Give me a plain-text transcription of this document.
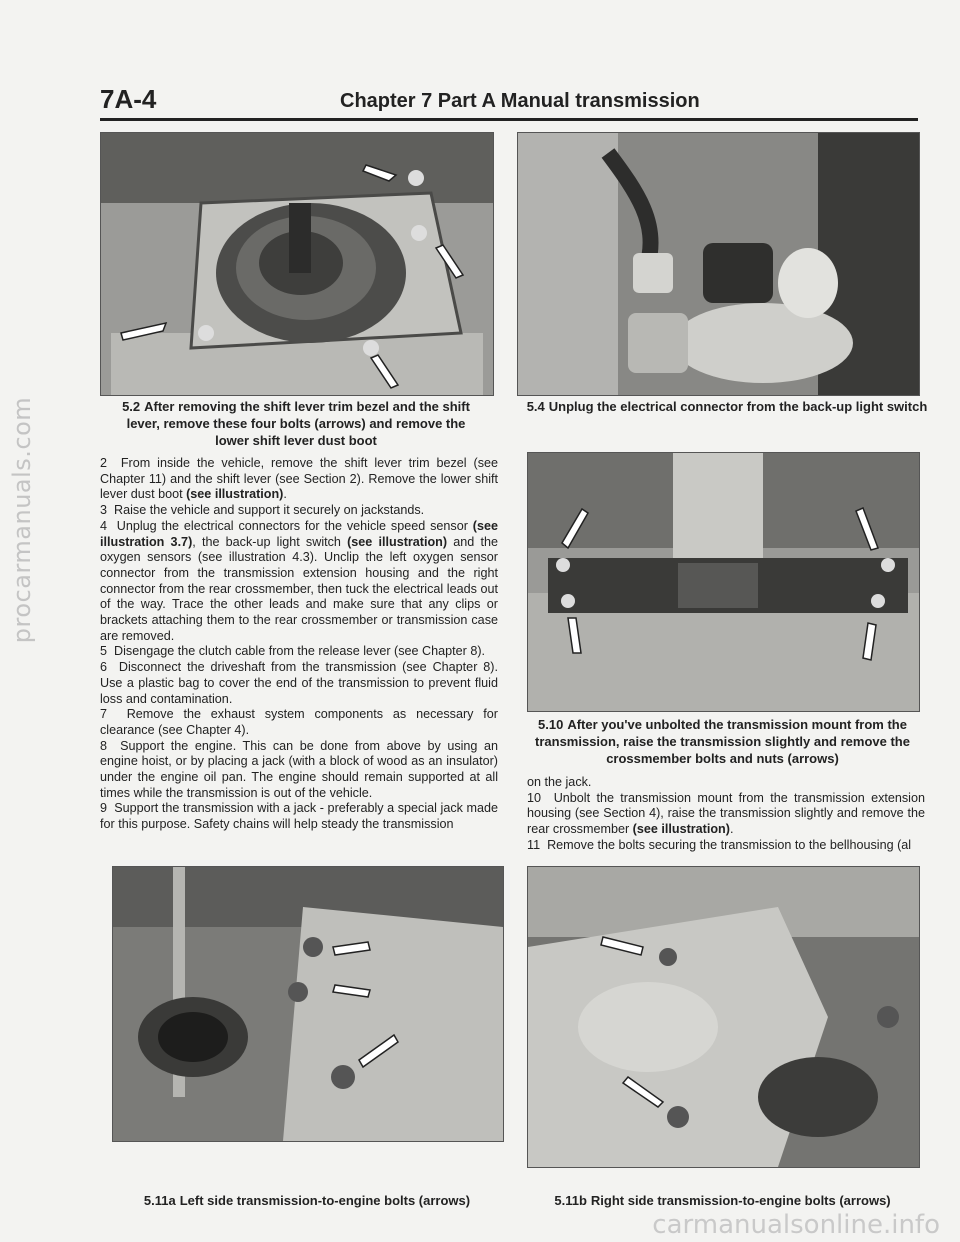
procarmanuals.com
carmanualsonline.info
7A-4	Chapter 7 Part A Manual transmission
5.2 After removing the shift lever trim bezel and the shift lever, remove these four bolts (arrows) and remove the lower shift lever dust boot
5.4 Unplug the electrical connector from the back-up light switch

2 From inside the vehicle, remove the shift lever trim bezel (see Chapter 11) and the shift lever (see Section 2). Remove the lower shift lever dust boot (see illustration).

3 Raise the vehicle and support it securely on jackstands.

4 Unplug the electrical connectors for the vehicle speed sensor (see illustration 3.7), the back-up light switch (see illustration) and the oxygen sensors (see illustration 4.3). Unclip the left oxygen sensor connector from the transmission extension housing and the right connector from the rear crossmember, then tuck the electrical leads out of the way. Trace the other leads and make sure that any clips or brackets attaching them to the rear crossmember or transmission case are removed.

5 Disengage the clutch cable from the release lever (see Chapter 8).

6 Disconnect the driveshaft from the transmission (see Chapter 8). Use a plastic bag to cover the end of the transmission to prevent fluid loss and contamination.

7 Remove the exhaust system components as necessary for clearance (see Chapter 4).

8 Support the engine. This can be done from above by using an engine hoist, or by placing a jack (with a block of wood as an insulator) under the engine oil pan. The engine should remain supported at all times while the transmission is out of the vehicle.

9 Support the transmission with a jack - preferably a special jack made for this purpose. Safety chains will help steady the transmission

5.10 After you've unbolted the transmission mount from the transmission, raise the transmission slightly and remove the crossmember bolts and nuts (arrows)

on the jack.

10 Unbolt the transmission mount from the transmission extension housing (see Section 4), raise the transmission slightly and remove the rear crossmember (see illustration).

11 Remove the bolts securing the transmission to the bellhousing (al

5.11a Left side transmission-to-engine bolts (arrows)	5.11b Right side transmission-to-engine bolts (arrows)
